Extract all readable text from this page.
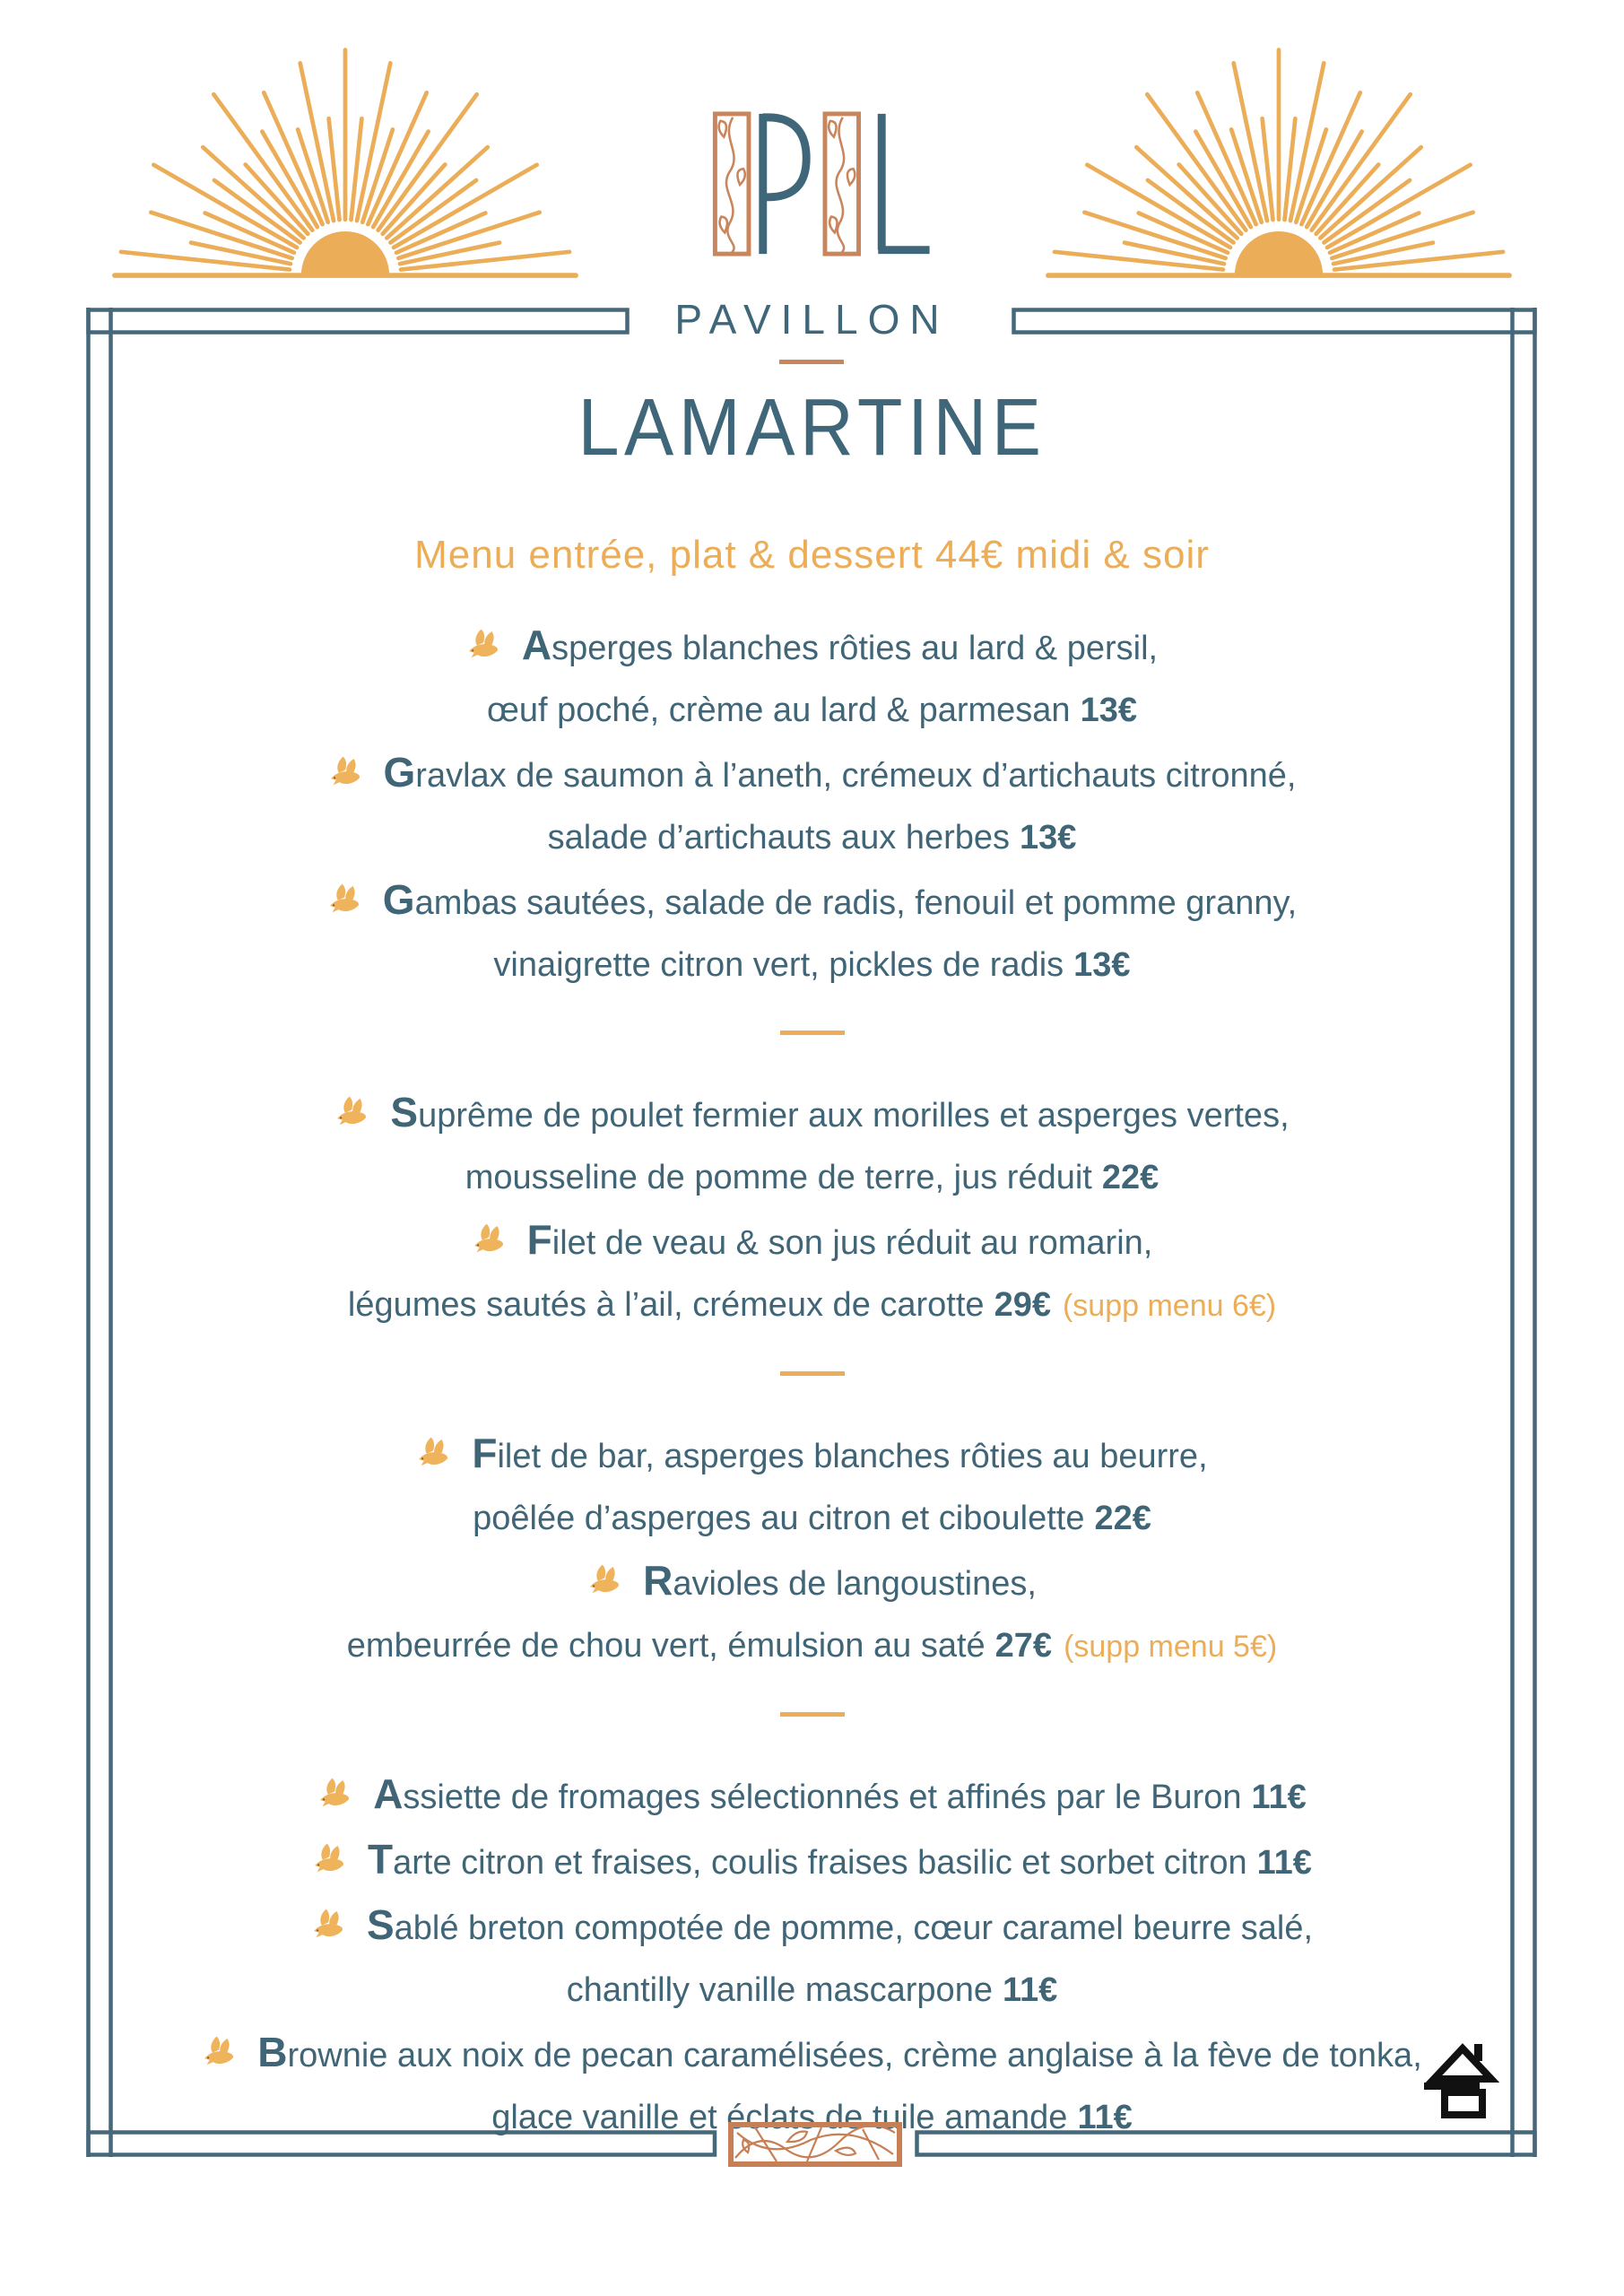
PAVILLON
LAMARTINE
Menu entrée, plat & dessert 44€ midi & soir
Asperges blanches rôties au lard & persil,
œuf poché, crème au lard & parmesan 13€
Gravlax de saumon à l’aneth, crémeux d’artichauts citronné,
salade d’artichauts aux herbes 13€
Gambas sautées, salade de radis, fenouil et pomme granny,
vinaigrette citron vert, pickles de radis 13€
Suprême de poulet fermier aux morilles et asperges vertes,
mousseline de pomme de terre, jus réduit 22€
Filet de veau & son jus réduit au romarin,
légumes sautés à l’ail, crémeux de carotte 29€ (supp menu 6€)
Filet de bar, asperges blanches rôties au beurre,
poêlée d’asperges au citron et ciboulette 22€
Ravioles de langoustines,
embeurrée de chou vert, émulsion au saté 27€ (supp menu 5€)
Assiette de fromages sélectionnés et affinés par le Buron 11€
Tarte citron et fraises, coulis fraises basilic et sorbet citron 11€
Sablé breton compotée de pomme, cœur caramel beurre salé,
chantilly vanille mascarpone 11€
Brownie aux noix de pecan caramélisées, crème anglaise à la fève de tonka,
glace vanille et éclats de tuile amande 11€
